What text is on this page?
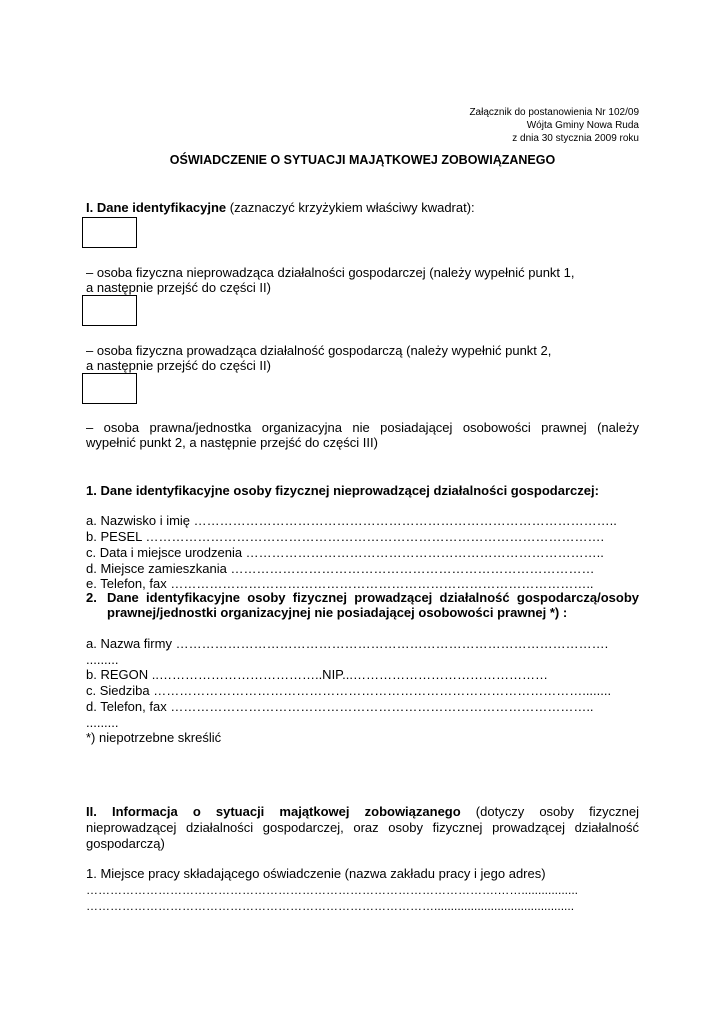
Załącznik do postanowienia Nr 102/09
Wójta Gminy Nowa Ruda
z dnia 30 stycznia 2009 roku
OŚWIADCZENIE O SYTUACJI MAJĄTKOWEJ ZOBOWIĄZANEGO
I. Dane identyfikacyjne (zaznaczyć krzyżykiem właściwy kwadrat):
– osoba fizyczna nieprowadząca działalności gospodarczej (należy wypełnić punkt 1,
a następnie przejść do części II)
– osoba fizyczna prowadząca działalność gospodarczą (należy wypełnić punkt 2,
a następnie przejść do części II)
– osoba prawna/jednostka organizacyjna nie posiadającej osobowości prawnej (należy
wypełnić punkt 2, a następnie przejść do części III)
1. Dane identyfikacyjne osoby fizycznej nieprowadzącej działalności gospodarczej:
a. Nazwisko i imię ……………………………………………………………………………………..
b. PESEL …………………………………………………………………………………………….
c. Data i miejsce urodzenia ………………………………………………………………………..
d. Miejsce zamieszkania …………………………………………………………………………
e. Telefon, fax ……………………………………………………………………………………..
2. Dane identyfikacyjne osoby fizycznej prowadzącej działalność gospodarczą/osoby
prawnej/jednostki organizacyjnej nie posiadającej osobowości prawnej *) :
a. Nazwa firmy ……………………………………………………………………………………….
.........
b. REGON ..………………………………..NIP...………………………………………
c. Siedziba ………………………………………………………………………………………........
d. Telefon, fax ……………………………………………………………………………………..
.........
*) niepotrzebne skreślić
II. Informacja o sytuacji majątkowej zobowiązanego (dotyczy osoby fizycznej
nieprowadzącej działalności gospodarczej, oraz osoby fizycznej prowadzącej działalność
gospodarczą)
1. Miejsce pracy składającego oświadczenie (nazwa zakładu pracy i jego adres)
………………………………………………………………………………………….…….................
……………………………………………………………………………..........................................
